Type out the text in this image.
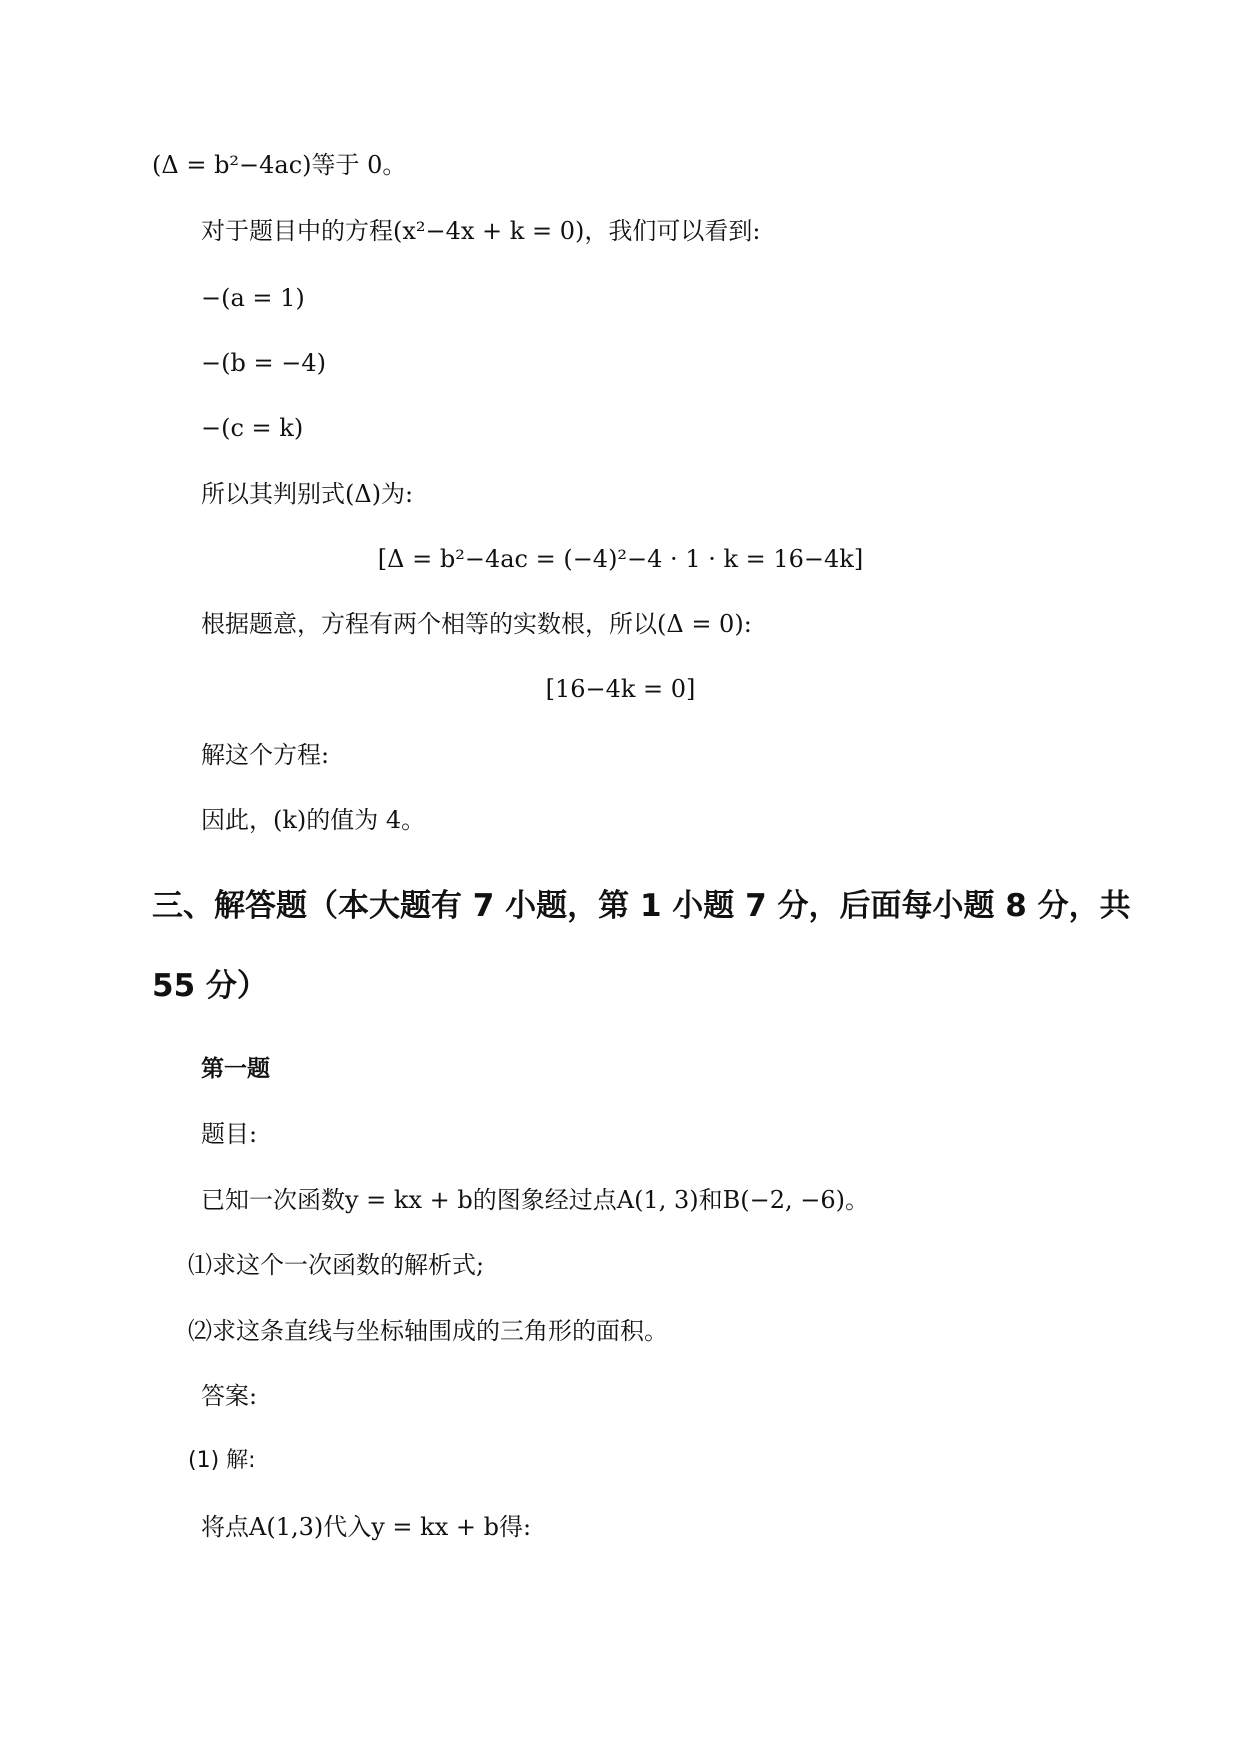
(Δ = b²−4ac)等于 0。
对于题目中的方程(x²−4x + k = 0)，我们可以看到:
−(a = 1)
−(b = −4)
−(c = k)
所以其判别式(Δ)为:
[Δ = b²−4ac = (−4)²−4 · 1 · k = 16−4k]
根据题意，方程有两个相等的实数根，所以(Δ = 0):
[16−4k = 0]
解这个方程:
因此，(k)的值为 4。
三、解答题（本大题有 7 小题，第 1 小题 7 分，后面每小题 8 分，共
55 分）
第一题
题目:
已知一次函数y = kx + b的图象经过点A(1, 3)和B(−2, −6)。
⑴求这个一次函数的解析式;
⑵求这条直线与坐标轴围成的三角形的面积。
答案:
(1) 解:
将点A(1,3)代入y = kx + b得:
